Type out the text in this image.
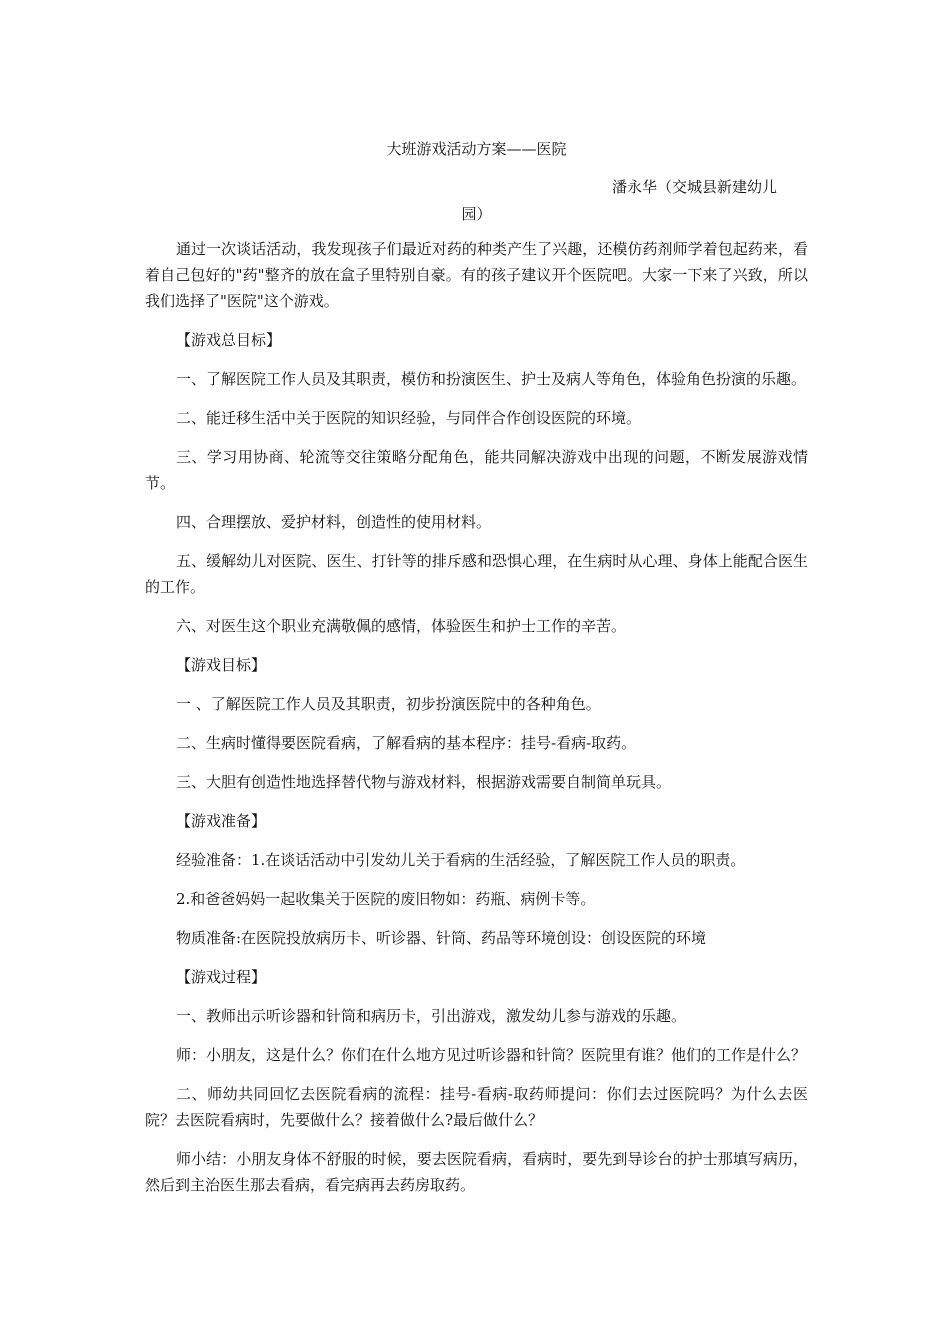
大班游戏活动方案——医院

潘永华（交城县新建幼儿

园）

通过一次谈话活动，我发现孩子们最近对药的种类产生了兴趣，还模仿药剂师学着包起药来，看着自己包好的"药"整齐的放在盒子里特别自豪。有的孩子建议开个医院吧。大家一下来了兴致，所以我们选择了"医院"这个游戏。

【游戏总目标】

一、了解医院工作人员及其职责，模仿和扮演医生、护士及病人等角色，体验角色扮演的乐趣。

二、能迁移生活中关于医院的知识经验，与同伴合作创设医院的环境。

三、学习用协商、轮流等交往策略分配角色，能共同解决游戏中出现的问题，不断发展游戏情节。

四、合理摆放、爱护材料，创造性的使用材料。

五、缓解幼儿对医院、医生、打针等的排斥感和恐惧心理，在生病时从心理、身体上能配合医生的工作。

六、对医生这个职业充满敬佩的感情，体验医生和护士工作的辛苦。

【游戏目标】

一 、了解医院工作人员及其职责，初步扮演医院中的各种角色。

二、生病时懂得要医院看病，了解看病的基本程序：挂号-看病-取药。

三、大胆有创造性地选择替代物与游戏材料，根据游戏需要自制简单玩具。

【游戏准备】

经验准备：1.在谈话活动中引发幼儿关于看病的生活经验，了解医院工作人员的职责。

2.和爸爸妈妈一起收集关于医院的废旧物如：药瓶、病例卡等。

物质准备:在医院投放病历卡、听诊器、针筒、药品等环境创设：创设医院的环境

【游戏过程】

一、教师出示听诊器和针筒和病历卡，引出游戏，激发幼儿参与游戏的乐趣。

师：小朋友，这是什么？你们在什么地方见过听诊器和针筒？医院里有谁？他们的工作是什么？

二、师幼共同回忆去医院看病的流程：挂号-看病-取药师提问：你们去过医院吗？为什么去医院？去医院看病时，先要做什么？接着做什么?最后做什么？

师小结：小朋友身体不舒服的时候，要去医院看病，看病时，要先到导诊台的护士那填写病历，然后到主治医生那去看病，看完病再去药房取药。
